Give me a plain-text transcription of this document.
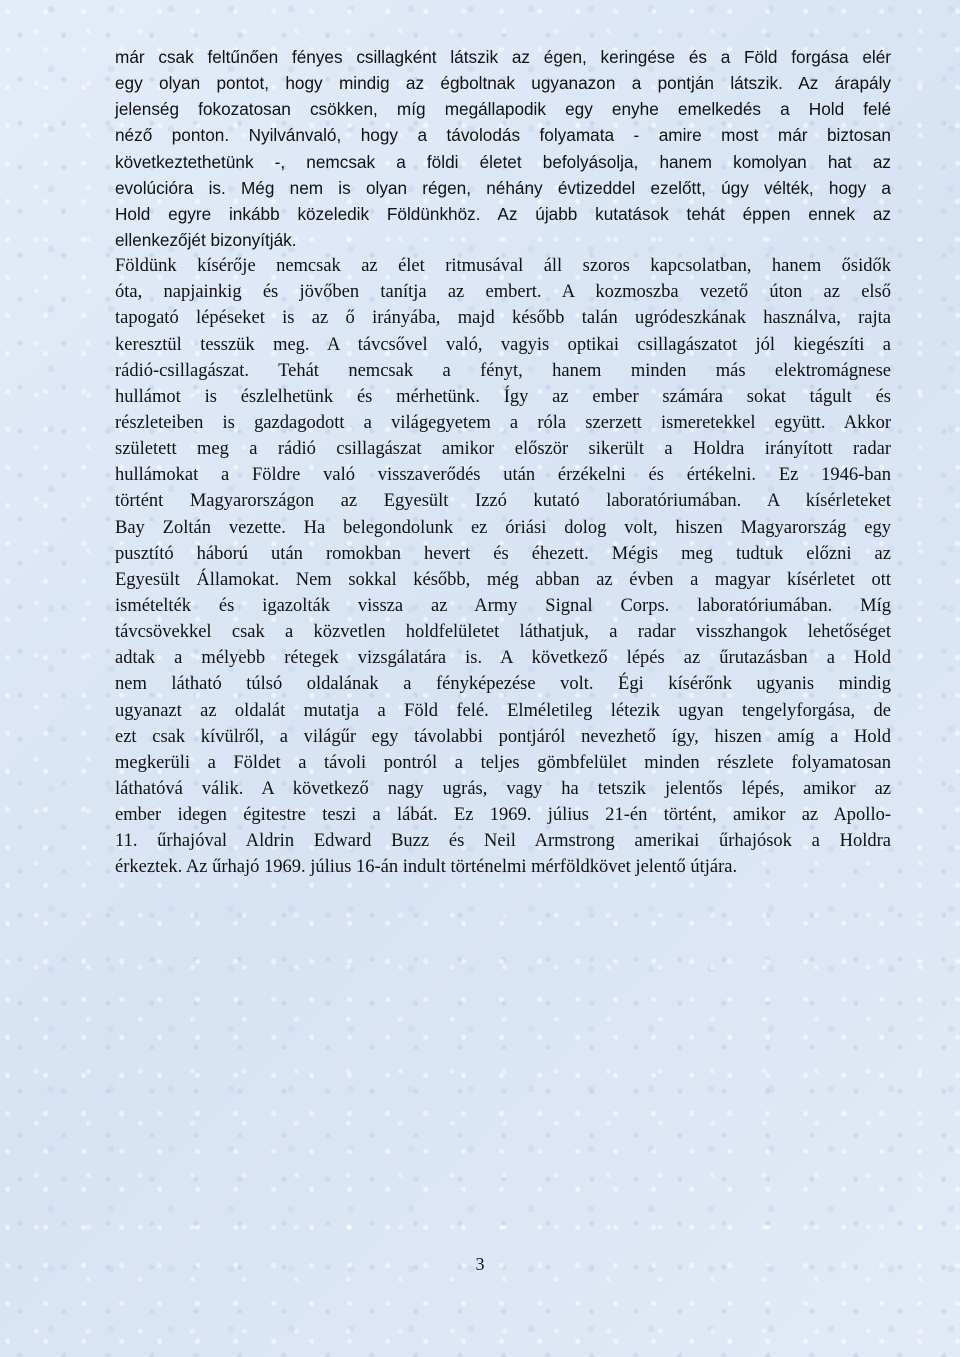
már csak feltűnően fényes csillagként látszik az égen, keringése és a Föld forgása elér
egy olyan pontot, hogy mindig az égboltnak ugyanazon a pontján látszik. Az árapály
jelenség fokozatosan csökken, míg megállapodik egy enyhe emelkedés a Hold felé
néző ponton. Nyilvánvaló, hogy a távolodás folyamata - amire most már biztosan
következtethetünk -, nemcsak a földi életet befolyásolja, hanem komolyan hat az
evolúcióra is. Még nem is olyan régen, néhány évtizeddel ezelőtt, úgy vélték, hogy a
Hold egyre inkább közeledik Földünkhöz. Az újabb kutatások tehát éppen ennek az
ellenkezőjét bizonyítják.
Földünk kísérője nemcsak az élet ritmusával áll szoros kapcsolatban, hanem ősidők
óta, napjainkig és jövőben tanítja az embert. A kozmoszba vezető úton az első
tapogató lépéseket is az ő irányába, majd később talán ugródeszkának használva, rajta
keresztül tesszük meg. A távcsővel való, vagyis optikai csillagászatot jól kiegészíti a
rádió-csillagászat. Tehát nemcsak a fényt, hanem minden más elektromágnese
hullámot is észlelhetünk és mérhetünk. Így az ember számára sokat tágult és
részleteiben is gazdagodott a világegyetem a róla szerzett ismeretekkel együtt. Akkor
született meg a rádió csillagászat amikor először sikerült a Holdra irányított radar
hullámokat a Földre való visszaverődés után érzékelni és értékelni. Ez 1946-ban
történt Magyarországon az Egyesült Izzó kutató laboratóriumában. A kísérleteket
Bay Zoltán vezette. Ha belegondolunk ez óriási dolog volt, hiszen Magyarország egy
pusztító háború után romokban hevert és éhezett. Mégis meg tudtuk előzni az
Egyesült Államokat. Nem sokkal később, még abban az évben a magyar kísérletet ott
ismételték és igazolták vissza az Army Signal Corps. laboratóriumában. Míg
távcsövekkel csak a közvetlen holdfelületet láthatjuk, a radar visszhangok lehetőséget
adtak a mélyebb rétegek vizsgálatára is. A következő lépés az űrutazásban a Hold
nem látható túlsó oldalának a fényképezése volt. Égi kísérőnk ugyanis mindig
ugyanazt az oldalát mutatja a Föld felé. Elméletileg létezik ugyan tengelyforgása, de
ezt csak kívülről, a világűr egy távolabbi pontjáról nevezhető így, hiszen amíg a Hold
megkerüli a Földet a távoli pontról a teljes gömbfelület minden részlete folyamatosan
láthatóvá válik. A következő nagy ugrás, vagy ha tetszik jelentős lépés, amikor az
ember idegen égitestre teszi a lábát. Ez 1969. július 21-én történt, amikor az Apollo-
11. űrhajóval Aldrin Edward Buzz és Neil Armstrong amerikai űrhajósok a Holdra
érkeztek. Az űrhajó 1969. július 16-án indult történelmi mérföldkövet jelentő útjára.
3
